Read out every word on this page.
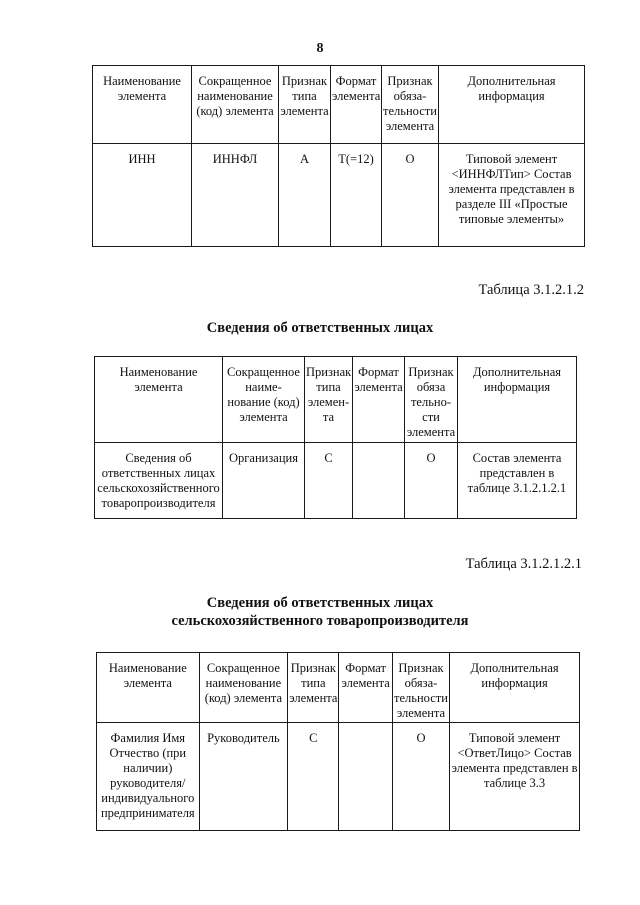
8
Наименование элемента	Сокращенное наименование (код) элемента	Признак типа элемента	Формат элемента	Признак обяза-тельности элемента	Дополнительная информация
ИНН	ИННФЛ	А	T(=12)	О	Типовой элемент <ИННФЛТип> Состав элемента представлен в разделе III «Простые типовые элементы»
Таблица 3.1.2.1.2
Сведения об ответственных лицах
Наименование элемента	Сокращенное наиме-нование (код) элемента	Признак типа элемен-та	Формат элемента	Признак обяза тельно-сти элемента	Дополнительная информация
Сведения об ответственных лицах сельскохозяйственного товаропроизводителя	Организация	С		О	Состав элемента представлен в таблице 3.1.2.1.2.1
Таблица 3.1.2.1.2.1
Сведения об ответственных лицах
сельскохозяйственного товаропроизводителя
Наименование элемента	Сокращенное наименование (код) элемента	Признак типа элемента	Формат элемента	Признак обяза-тельности элемента	Дополнительная информация
Фамилия Имя Отчество (при наличии) руководителя/ индивидуального предпринимателя	Руководитель	С		О	Типовой элемент <ОтветЛицо> Состав элемента представлен в таблице 3.3
